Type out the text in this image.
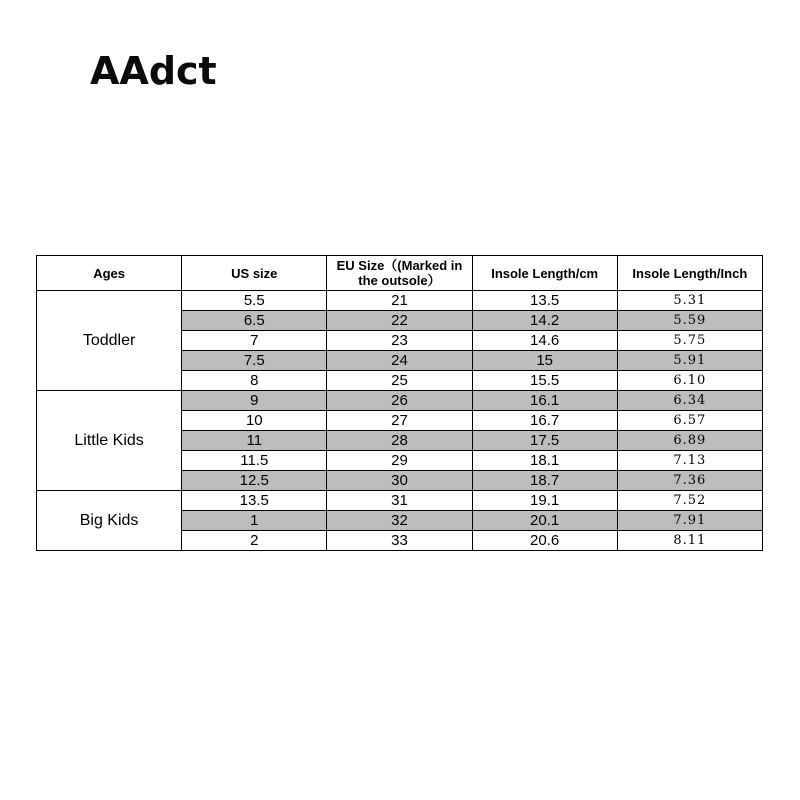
AAdct
Ages	US size	EU Size（(Marked in the outsole）	Insole Length/cm	Insole Length/Inch
Toddler	5.5	21	13.5	5.31
	6.5	22	14.2	5.59
	7	23	14.6	5.75
	7.5	24	15	5.91
	8	25	15.5	6.10
Little Kids	9	26	16.1	6.34
	10	27	16.7	6.57
	11	28	17.5	6.89
	11.5	29	18.1	7.13
	12.5	30	18.7	7.36
Big Kids	13.5	31	19.1	7.52
	1	32	20.1	7.91
	2	33	20.6	8.11
